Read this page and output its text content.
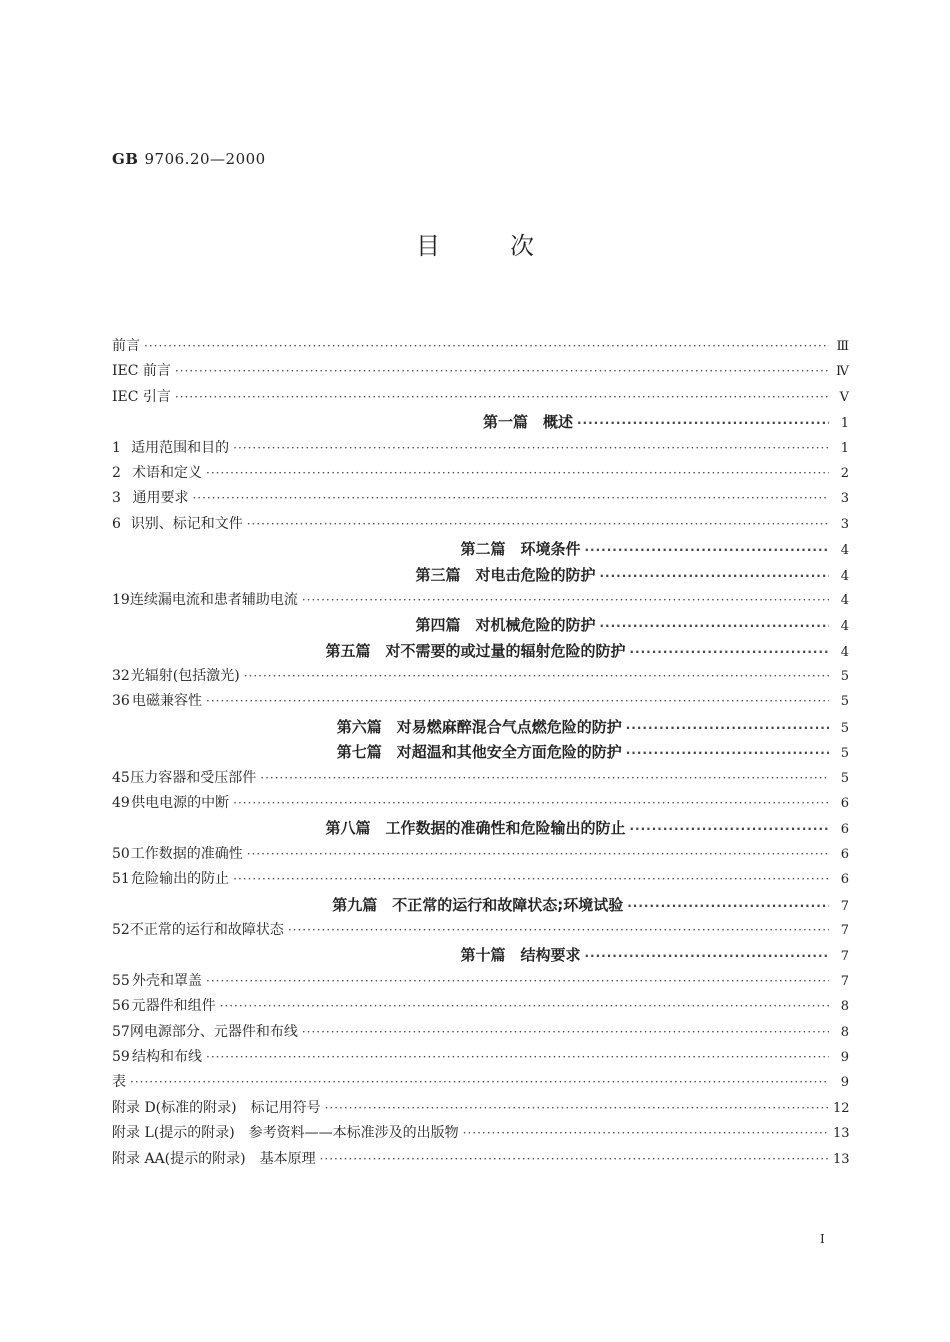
GB 9706.20—2000
目	次
前言 ·····	Ⅲ
IEC 前言 ·····	Ⅳ
IEC 引言 ·····	Ⅴ
第一篇　概述 ·····	1
1 适用范围和目的 ·····	1
2 术语和定义 ·····	2
3 通用要求 ·····	3
6 识别、标记和文件 ·····	3
第二篇　环境条件 ·····	4
第三篇　对电击危险的防护 ·····	4
19 连续漏电流和患者辅助电流 ·····	4
第四篇　对机械危险的防护 ·····	4
第五篇　对不需要的或过量的辐射危险的防护 ·····	4
32 光辐射(包括激光) ·····	5
36 电磁兼容性 ·····	5
第六篇　对易燃麻醉混合气点燃危险的防护 ·····	5
第七篇　对超温和其他安全方面危险的防护 ·····	5
45 压力容器和受压部件 ·····	5
49 供电电源的中断 ·····	6
第八篇　工作数据的准确性和危险输出的防止 ·····	6
50 工作数据的准确性 ·····	6
51 危险输出的防止 ·····	6
第九篇　不正常的运行和故障状态;环境试验 ·····	7
52 不正常的运行和故障状态 ·····	7
第十篇　结构要求 ·····	7
55 外壳和罩盖 ·····	7
56 元器件和组件 ·····	8
57 网电源部分、元器件和布线 ·····	8
59 结构和布线 ·····	9
表 ·····	9
附录 D(标准的附录)　标记用符号 ·····	12
附录 L(提示的附录)　参考资料——本标准涉及的出版物 ·····	13
附录 AA(提示的附录)　基本原理 ·····	13
I
